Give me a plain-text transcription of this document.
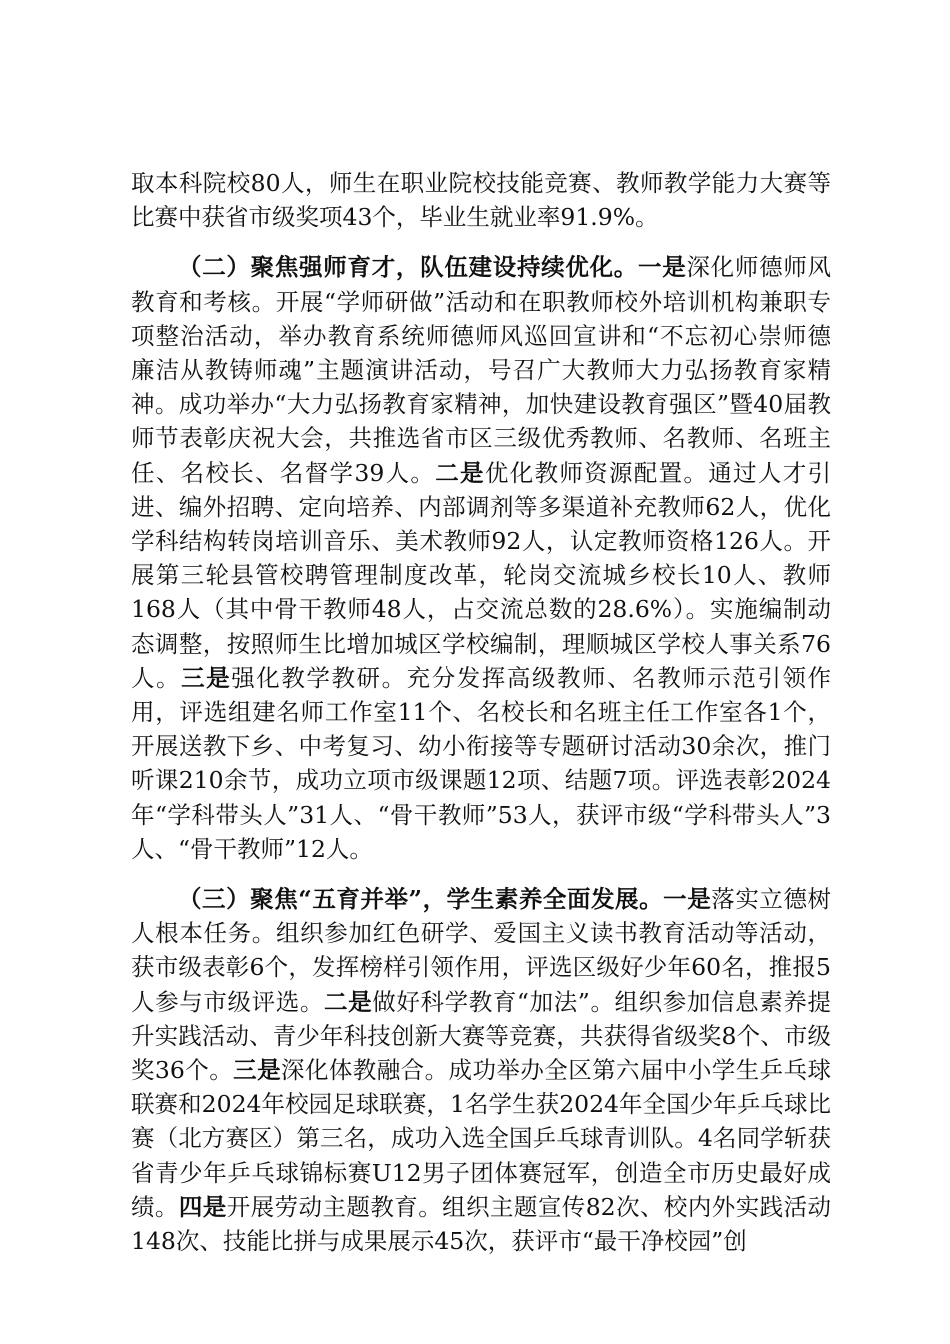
取本科院校80人，师生在职业院校技能竞赛、教师教学能力大赛等比赛中获省市级奖项43个，毕业生就业率91.9%。

（二）聚焦强师育才，队伍建设持续优化。一是深化师德师风教育和考核。开展“学师研做”活动和在职教师校外培训机构兼职专项整治活动，举办教育系统师德师风巡回宣讲和“不忘初心崇师德 廉洁从教铸师魂”主题演讲活动，号召广大教师大力弘扬教育家精神。成功举办“大力弘扬教育家精神，加快建设教育强区”暨40届教师节表彰庆祝大会，共推选省市区三级优秀教师、名教师、名班主任、名校长、名督学39人。二是优化教师资源配置。通过人才引进、编外招聘、定向培养、内部调剂等多渠道补充教师62人，优化学科结构转岗培训音乐、美术教师92人，认定教师资格126人。开展第三轮县管校聘管理制度改革，轮岗交流城乡校长10人、教师168人（其中骨干教师48人，占交流总数的28.6%）。实施编制动态调整，按照师生比增加城区学校编制，理顺城区学校人事关系76人。三是强化教学教研。充分发挥高级教师、名教师示范引领作用，评选组建名师工作室11个、名校长和名班主任工作室各1个，开展送教下乡、中考复习、幼小衔接等专题研讨活动30余次，推门听课210余节，成功立项市级课题12项、结题7项。评选表彰2024年“学科带头人”31人、“骨干教师”53人，获评市级“学科带头人”3人、“骨干教师”12人。

（三）聚焦“五育并举”，学生素养全面发展。一是落实立德树人根本任务。组织参加红色研学、爱国主义读书教育活动等活动，获市级表彰6个，发挥榜样引领作用，评选区级好少年60名，推报5人参与市级评选。二是做好科学教育“加法”。组织参加信息素养提升实践活动、青少年科技创新大赛等竞赛，共获得省级奖8个、市级奖36个。三是深化体教融合。成功举办全区第六届中小学生乒乓球联赛和2024年校园足球联赛，1名学生获2024年全国少年乒乓球比赛（北方赛区）第三名，成功入选全国乒乓球青训队。4名同学斩获省青少年乒乓球锦标赛U12男子团体赛冠军，创造全市历史最好成绩。四是开展劳动主题教育。组织主题宣传82次、校内外实践活动148次、技能比拼与成果展示45次，获评市“最干净校园”创
